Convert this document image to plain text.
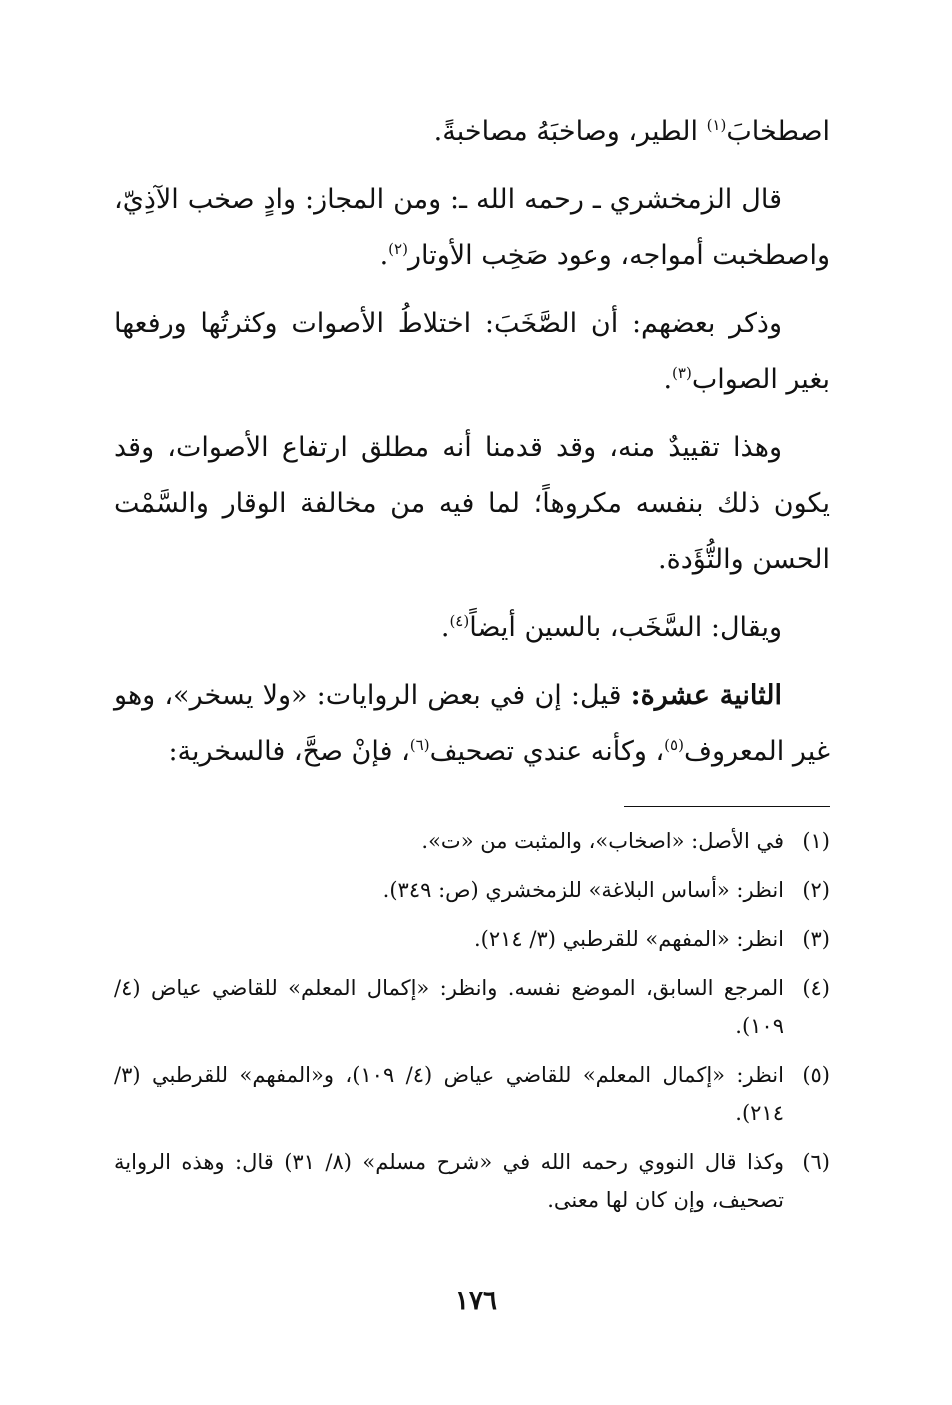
اصطخابَ$^{(١)}$ الطير، وصاخبَهُ مصاخبةً.

قال الزمخشري ـ رحمه الله ـ: ومن المجاز: وادٍ صخب الآذِيّ، واصطخبت أمواجه، وعود صَخِب الأوتار$^{(٢)}$.

وذكر بعضهم: أن الصَّخَبَ: اختلاطُ الأصوات وكثرتُها ورفعها بغير الصواب$^{(٣)}$.

وهذا تقييدٌ منه، وقد قدمنا أنه مطلق ارتفاع الأصوات، وقد يكون ذلك بنفسه مكروهاً؛ لما فيه من مخالفة الوقار والسَّمْت الحسن والتُّؤَدة.

ويقال: السَّخَب، بالسين أيضاً$^{(٤)}$.

الثانية عشرة: قيل: إن في بعض الروايات: «ولا يسخر»، وهو غير المعروف$^{(٥)}$، وكأنه عندي تصحيف$^{(٦)}$، فإنْ صحَّ، فالسخرية:

(١)
في الأصل: «اصخاب»، والمثبت من «ت».
(٢)
انظر: «أساس البلاغة» للزمخشري (ص: ٣٤٩).
(٣)
انظر: «المفهم» للقرطبي (٣/ ٢١٤).
(٤)
المرجع السابق، الموضع نفسه. وانظر: «إكمال المعلم» للقاضي عياض (٤/ ١٠٩).
(٥)
انظر: «إكمال المعلم» للقاضي عياض (٤/ ١٠٩)، و«المفهم» للقرطبي (٣/ ٢١٤).
(٦)
وكذا قال النووي رحمه الله في «شرح مسلم» (٨/ ٣١) قال: وهذه الرواية تصحيف، وإن كان لها معنى.
١٧٦
